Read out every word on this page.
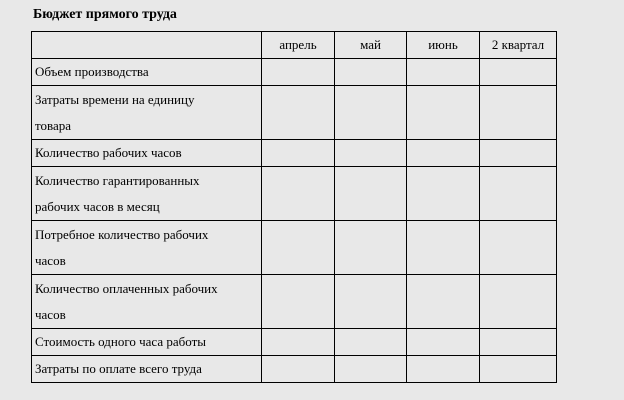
Бюджет прямого труда
	апрель	май	июнь	2 квартал

Объем производства				

Затраты времени на единицу
товара				

Количество рабочих часов				

Количество гарантированных
рабочих часов в месяц				

Потребное количество рабочих
часов				

Количество оплаченных рабочих
часов				

Стоимость одного часа работы				

Затраты по оплате всего труда				
